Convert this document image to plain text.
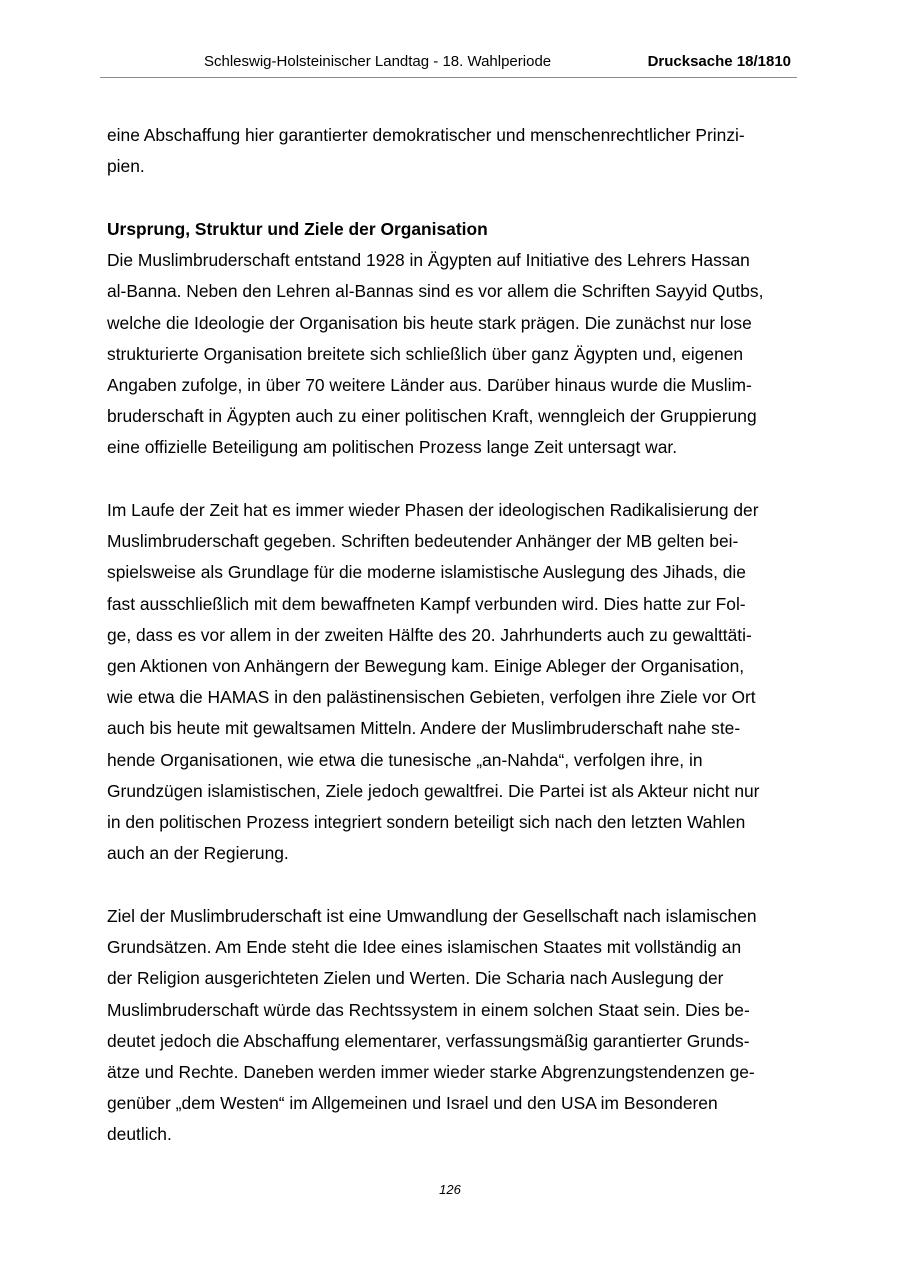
Schleswig-Holsteinischer Landtag - 18. Wahlperiode	Drucksache 18/1810
eine Abschaffung hier garantierter demokratischer und menschenrechtlicher Prinzi-
pien.
Ursprung, Struktur und Ziele der Organisation
Die Muslimbruderschaft entstand 1928 in Ägypten auf Initiative des Lehrers Hassan
al-Banna. Neben den Lehren al-Bannas sind es vor allem die Schriften Sayyid Qutbs,
welche die Ideologie der Organisation bis heute stark prägen. Die zunächst nur lose
strukturierte Organisation breitete sich schließlich über ganz Ägypten und, eigenen
Angaben zufolge, in über 70 weitere Länder aus. Darüber hinaus wurde die Muslim-
bruderschaft in Ägypten auch zu einer politischen Kraft, wenngleich der Gruppierung
eine offizielle Beteiligung am politischen Prozess lange Zeit untersagt war.
Im Laufe der Zeit hat es immer wieder Phasen der ideologischen Radikalisierung der
Muslimbruderschaft gegeben. Schriften bedeutender Anhänger der MB gelten bei-
spielsweise als Grundlage für die moderne islamistische Auslegung des Jihads, die
fast ausschließlich mit dem bewaffneten Kampf verbunden wird. Dies hatte zur Fol-
ge, dass es vor allem in der zweiten Hälfte des 20. Jahrhunderts auch zu gewalttäti-
gen Aktionen von Anhängern der Bewegung kam. Einige Ableger der Organisation,
wie etwa die HAMAS in den palästinensischen Gebieten, verfolgen ihre Ziele vor Ort
auch bis heute mit gewaltsamen Mitteln. Andere der Muslimbruderschaft nahe ste-
hende Organisationen, wie etwa die tunesische „an-Nahda“, verfolgen ihre, in
Grundzügen islamistischen, Ziele jedoch gewaltfrei. Die Partei ist als Akteur nicht nur
in den politischen Prozess integriert sondern beteiligt sich nach den letzten Wahlen
auch an der Regierung.
Ziel der Muslimbruderschaft ist eine Umwandlung der Gesellschaft nach islamischen
Grundsätzen. Am Ende steht die Idee eines islamischen Staates mit vollständig an
der Religion ausgerichteten Zielen und Werten. Die Scharia nach Auslegung der
Muslimbruderschaft würde das Rechtssystem in einem solchen Staat sein. Dies be-
deutet jedoch die Abschaffung elementarer, verfassungsmäßig garantierter Grunds-
ätze und Rechte. Daneben werden immer wieder starke Abgrenzungstendenzen ge-
genüber „dem Westen“ im Allgemeinen und Israel und den USA im Besonderen
deutlich.
126
